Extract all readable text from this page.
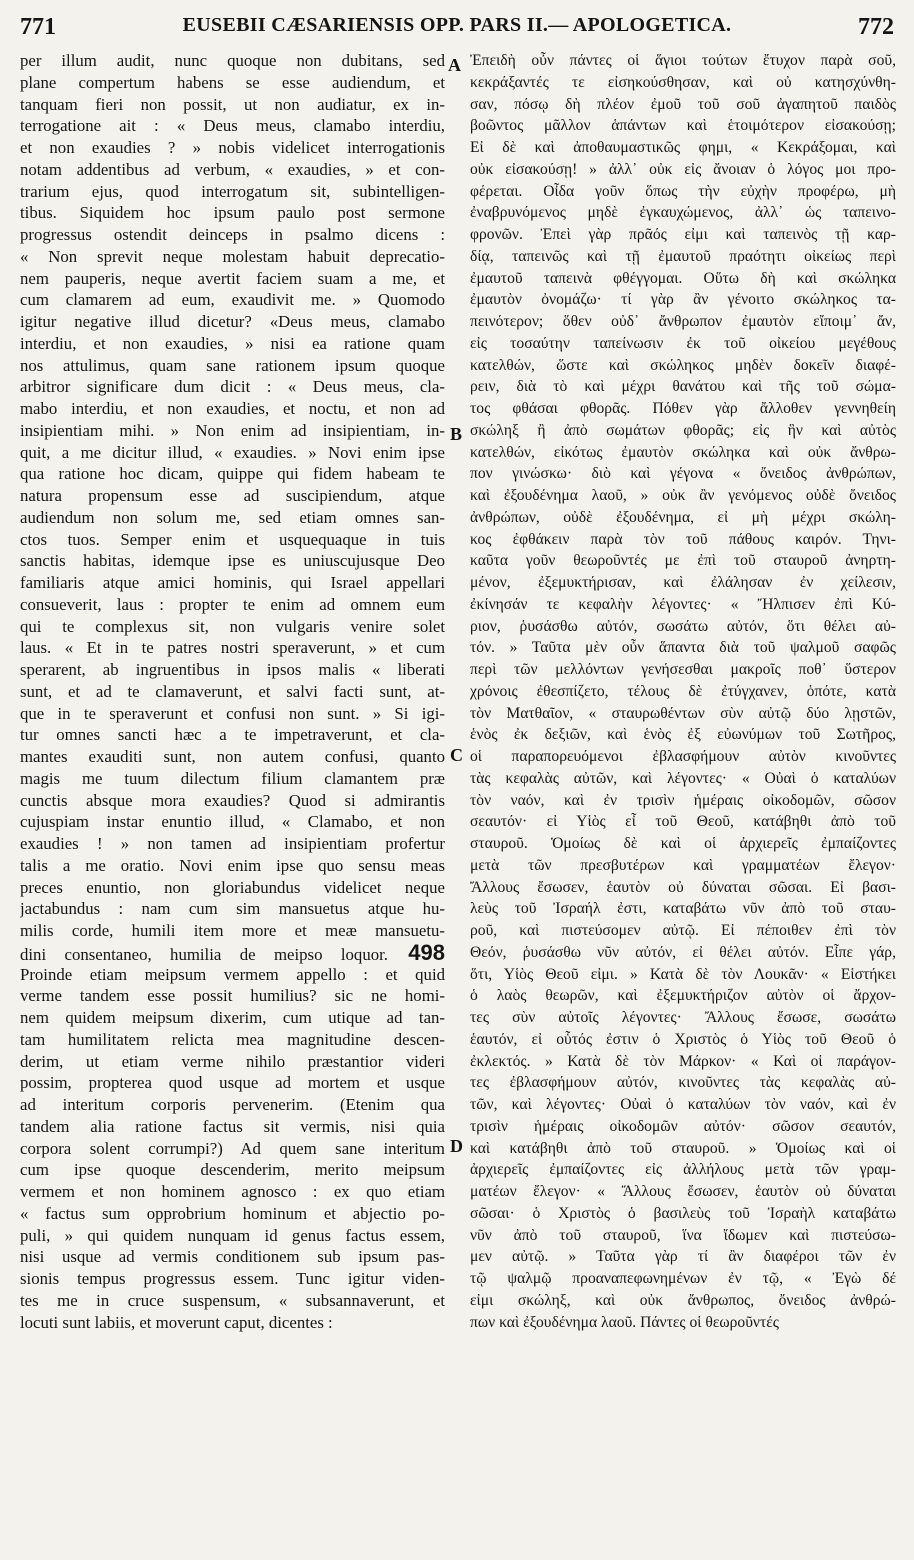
771	EUSEBII CÆSARIENSIS OPP. PARS II.— APOLOGETICA.	772
per illum audit, nunc quoque non dubitans, sed
plane compertum habens se esse audiendum, et
tanquam fieri non possit, ut non audiatur, ex in-
terrogatione ait : « Deus meus, clamabo interdiu,
et non exaudies ? » nobis videlicet interrogationis
notam addentibus ad verbum, « exaudies, » et con-
trarium ejus, quod interrogatum sit, subintelligen-
tibus. Siquidem hoc ipsum paulo post sermone
progressus ostendit deinceps in psalmo dicens :
« Non sprevit neque molestam habuit deprecatio-
nem pauperis, neque avertit faciem suam a me, et
cum clamarem ad eum, exaudivit me. » Quomodo
igitur negative illud dicetur? «Deus meus, clamabo
interdiu, et non exaudies, » nisi ea ratione quam
nos attulimus, quam sane rationem ipsum quoque
arbitror significare dum dicit : « Deus meus, cla-
mabo interdiu, et non exaudies, et noctu, et non ad
insipientiam mihi. » Non enim ad insipientiam, in-
quit, a me dicitur illud, « exaudies. » Novi enim ipse
qua ratione hoc dicam, quippe qui fidem habeam te
natura propensum esse ad suscipiendum, atque
audiendum non solum me, sed etiam omnes san-
ctos tuos. Semper enim et usquequaque in tuis
sanctis habitas, idemque ipse es uniuscujusque Deo
familiaris atque amici hominis, qui Israel appellari
consueverit, laus : propter te enim ad omnem eum
qui te complexus sit, non vulgaris venire solet
laus. « Et in te patres nostri speraverunt, » et cum
sperarent, ab ingruentibus in ipsos malis « liberati
sunt, et ad te clamaverunt, et salvi facti sunt, at-
que in te speraverunt et confusi non sunt. » Si igi-
tur omnes sancti hæc a te impetraverunt, et cla-
mantes exauditi sunt, non autem confusi, quanto
magis me tuum dilectum filium clamantem præ
cunctis absque mora exaudies? Quod si admirantis
cujuspiam instar enuntio illud, « Clamabo, et non
exaudies ! » non tamen ad insipientiam profertur
talis a me oratio. Novi enim ipse quo sensu meas
preces enuntio, non gloriabundus videlicet neque
jactabundus : nam cum sim mansuetus atque hu-
milis corde, humili item more et meæ mansuetu-
dini consentaneo, humilia de meipso loquor. 498
Proinde etiam meipsum vermem appello : et quid
verme tandem esse possit humilius? sic ne homi-
nem quidem meipsum dixerim, cum utique ad tan-
tam humilitatem relicta mea magnitudine descen-
derim, ut etiam verme nihilo præstantior videri
possim, propterea quod usque ad mortem et usque
ad interitum corporis pervenerim. (Etenim qua
tandem alia ratione factus sit vermis, nisi quia
corpora solent corrumpi?) Ad quem sane interitum
cum ipse quoque descenderim, merito meipsum
vermem et non hominem agnosco : ex quo etiam
« factus sum opprobrium hominum et abjectio po-
puli, » qui quidem nunquam id genus factus essem,
nisi usque ad vermis conditionem sub ipsum pas-
sionis tempus progressus essem. Tunc igitur viden-
tes me in cruce suspensum, « subsannaverunt, et
locuti sunt labiis, et moverunt caput, dicentes :
A
B
C
D
Ἐπειδὴ οὖν πάντες οἱ ἅγιοι τούτων ἔτυχον παρὰ σοῦ,
κεκράξαντές τε εἰσηκούσθησαν, καὶ οὐ κατησχύνθη-
σαν, πόσῳ δὴ πλέον ἐμοῦ τοῦ σοῦ ἀγαπητοῦ παιδὸς
βοῶντος μᾶλλον ἁπάντων καὶ ἑτοιμότερον εἰσακούσῃ;
Εἰ δὲ καὶ ἀποθαυμαστικῶς φημι, « Κεκράξομαι, καὶ
οὐκ εἰσακούσῃ! » ἀλλ᾽ οὐκ εἰς ἄνοιαν ὁ λόγος μοι προ-
φέρεται. Οἶδα γοῦν ὅπως τὴν εὐχὴν προφέρω, μὴ
ἐναβρυνόμενος μηδὲ ἐγκαυχώμενος, ἀλλ᾽ ὡς ταπεινο-
φρονῶν. Ἐπεὶ γὰρ πρᾶός εἰμι καὶ ταπεινὸς τῇ καρ-
δίᾳ, ταπεινῶς καὶ τῇ ἐμαυτοῦ πραότητι οἰκείως περὶ
ἐμαυτοῦ ταπεινὰ φθέγγομαι. Οὕτω δὴ καὶ σκώληκα
ἐμαυτὸν ὀνομάζω· τί γὰρ ἂν γένοιτο σκώληκος τα-
πεινότερον; ὅθεν οὐδ᾽ ἄνθρωπον ἐμαυτὸν εἴποιμ᾽ ἄν,
εἰς τοσαύτην ταπείνωσιν ἐκ τοῦ οἰκείου μεγέθους
κατελθών, ὥστε καὶ σκώληκος μηδὲν δοκεῖν διαφέ-
ρειν, διὰ τὸ καὶ μέχρι θανάτου καὶ τῆς τοῦ σώμα-
τος φθάσαι φθορᾶς. Πόθεν γὰρ ἄλλοθεν γεννηθείη
σκώληξ ἢ ἀπὸ σωμάτων φθορᾶς; εἰς ἣν καὶ αὐτὸς
κατελθών, εἰκότως ἐμαυτὸν σκώληκα καὶ οὐκ ἄνθρω-
πον γινώσκω· διὸ καὶ γέγονα « ὄνειδος ἀνθρώπων,
καὶ ἐξουδένημα λαοῦ, » οὐκ ἂν γενόμενος οὐδὲ ὄνειδος
ἀνθρώπων, οὐδὲ ἐξουδένημα, εἰ μὴ μέχρι σκώλη-
κος ἐφθάκειν παρὰ τὸν τοῦ πάθους καιρόν. Τηνι-
καῦτα γοῦν θεωροῦντές με ἐπὶ τοῦ σταυροῦ ἀνηρτη-
μένον, ἐξεμυκτήρισαν, καὶ ἐλάλησαν ἐν χείλεσιν,
ἐκίνησάν τε κεφαλὴν λέγοντες· « Ἤλπισεν ἐπὶ Κύ-
ριον, ῥυσάσθω αὐτόν, σωσάτω αὐτόν, ὅτι θέλει αὐ-
τόν. » Ταῦτα μὲν οὖν ἅπαντα διὰ τοῦ ψαλμοῦ σαφῶς
περὶ τῶν μελλόντων γενήσεσθαι μακροῖς ποθ᾽ ὕστερον
χρόνοις ἐθεσπίζετο, τέλους δὲ ἐτύγχανεν, ὁπότε, κατὰ
τὸν Ματθαῖον, « σταυρωθέντων σὺν αὐτῷ δύο λῃστῶν,
ἑνὸς ἐκ δεξιῶν, καὶ ἑνὸς ἐξ εὐωνύμων τοῦ Σωτῆρος,
οἱ παραπορευόμενοι ἐβλασφήμουν αὐτὸν κινοῦντες
τὰς κεφαλὰς αὐτῶν, καὶ λέγοντες· « Οὐαὶ ὁ καταλύων
τὸν ναόν, καὶ ἐν τρισὶν ἡμέραις οἰκοδομῶν, σῶσον
σεαυτόν· εἰ Υἱὸς εἶ τοῦ Θεοῦ, κατάβηθι ἀπὸ τοῦ
σταυροῦ. Ὁμοίως δὲ καὶ οἱ ἀρχιερεῖς ἐμπαίζοντες
μετὰ τῶν πρεσβυτέρων καὶ γραμματέων ἔλεγον·
Ἄλλους ἔσωσεν, ἑαυτὸν οὐ δύναται σῶσαι. Εἰ βασι-
λεὺς τοῦ Ἰσραήλ ἐστι, καταβάτω νῦν ἀπὸ τοῦ σταυ-
ροῦ, καὶ πιστεύσομεν αὐτῷ. Εἰ πέποιθεν ἐπὶ τὸν
Θεόν, ῥυσάσθω νῦν αὐτόν, εἰ θέλει αὐτόν. Εἶπε γάρ,
ὅτι, Υἱὸς Θεοῦ εἰμι. » Κατὰ δὲ τὸν Λουκᾶν· « Εἱστήκει
ὁ λαὸς θεωρῶν, καὶ ἐξεμυκτήριζον αὐτὸν οἱ ἄρχον-
τες σὺν αὐτοῖς λέγοντες· Ἄλλους ἔσωσε, σωσάτω
ἑαυτόν, εἰ οὗτός ἐστιν ὁ Χριστὸς ὁ Υἱὸς τοῦ Θεοῦ ὁ
ἐκλεκτός. » Κατὰ δὲ τὸν Μάρκον· « Καὶ οἱ παράγον-
τες ἐβλασφήμουν αὐτόν, κινοῦντες τὰς κεφαλὰς αὐ-
τῶν, καὶ λέγοντες· Οὐαὶ ὁ καταλύων τὸν ναόν, καὶ ἐν
τρισὶν ἡμέραις οἰκοδομῶν αὐτόν· σῶσον σεαυτόν,
καὶ κατάβηθι ἀπὸ τοῦ σταυροῦ. » Ὁμοίως καὶ οἱ
ἀρχιερεῖς ἐμπαίζοντες εἰς ἀλλήλους μετὰ τῶν γραμ-
ματέων ἔλεγον· « Ἄλλους ἔσωσεν, ἑαυτὸν οὐ δύναται
σῶσαι· ὁ Χριστὸς ὁ βασιλεὺς τοῦ Ἰσραὴλ καταβάτω
νῦν ἀπὸ τοῦ σταυροῦ, ἵνα ἴδωμεν καὶ πιστεύσω-
μεν αὐτῷ. » Ταῦτα γὰρ τί ἂν διαφέροι τῶν ἐν
τῷ ψαλμῷ προαναπεφωνημένων ἐν τῷ, « Ἐγὼ δέ
εἰμι σκώληξ, καὶ οὐκ ἄνθρωπος, ὄνειδος ἀνθρώ-
πων καὶ ἐξουδένημα λαοῦ. Πάντες οἱ θεωροῦντές
